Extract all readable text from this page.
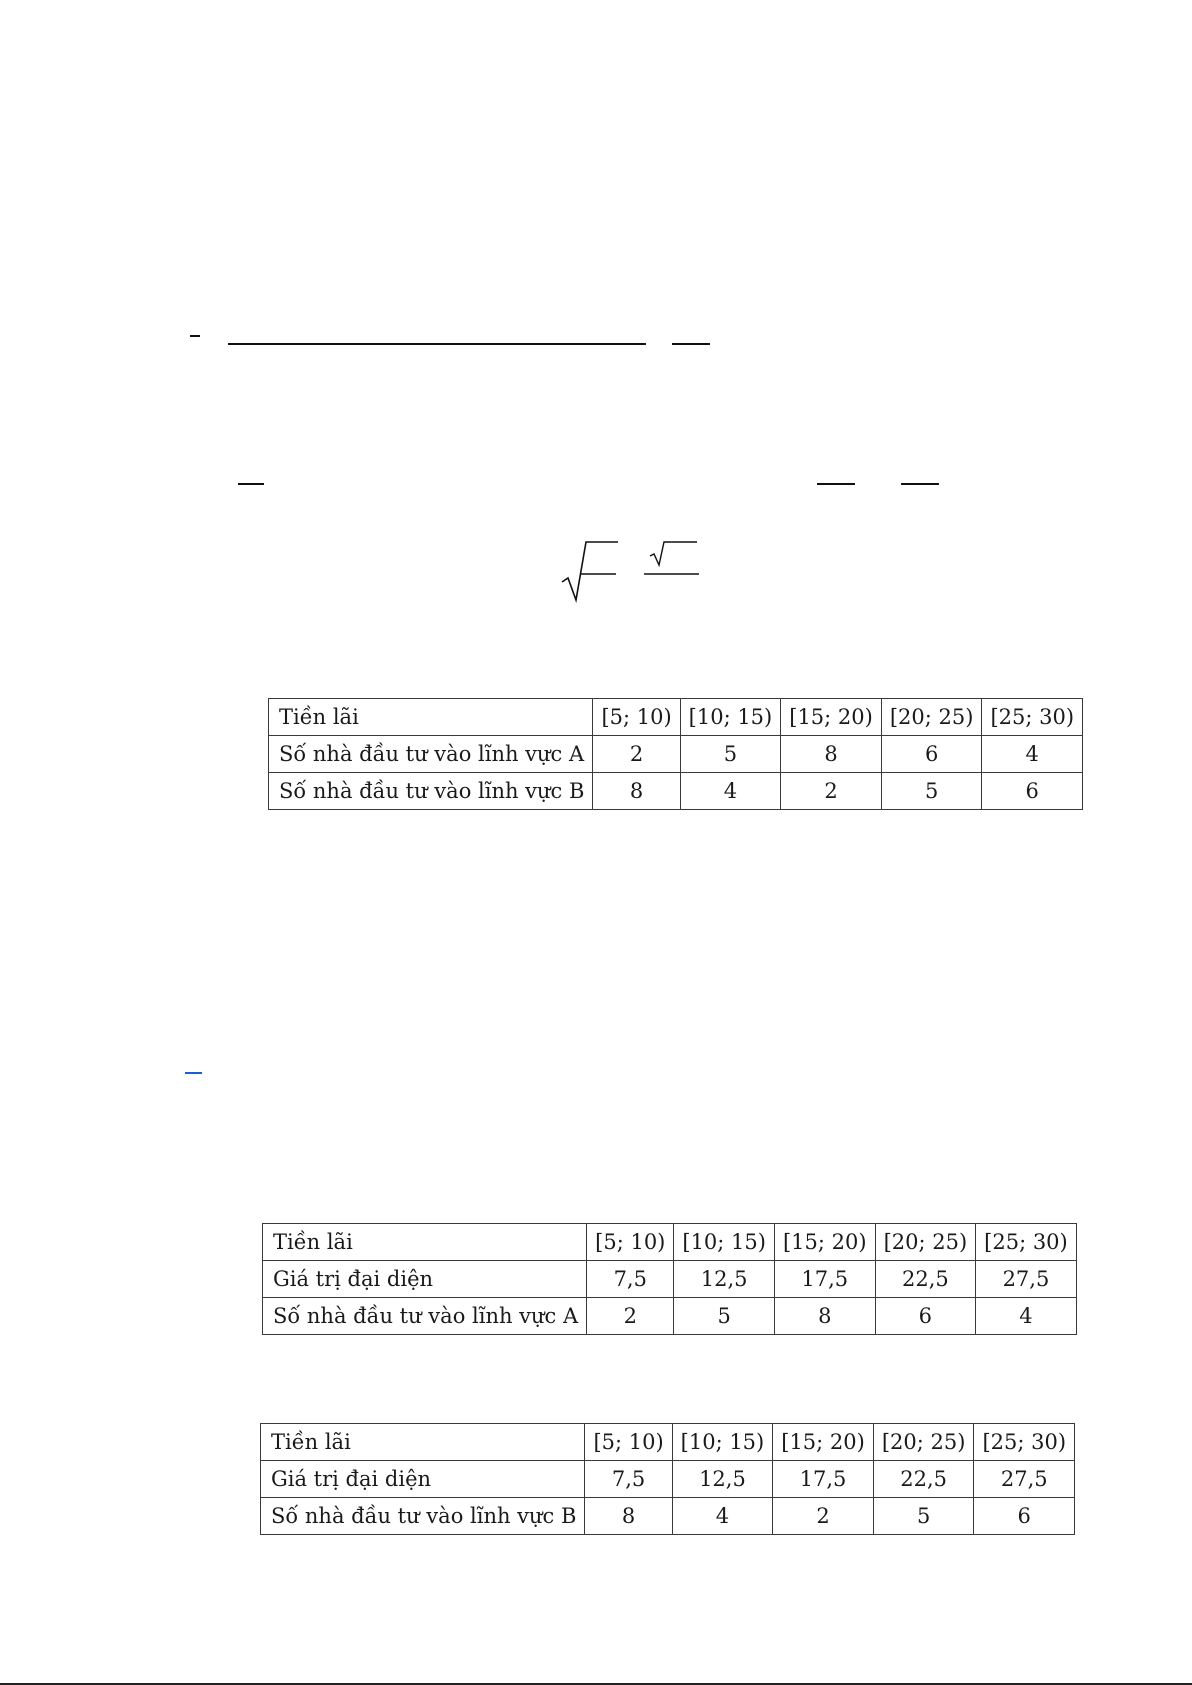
Tiền lãi	[5; 10)	[10; 15)	[15; 20)	[20; 25)	[25; 30)
Số nhà đầu tư vào lĩnh vực A	2	5	8	6	4
Số nhà đầu tư vào lĩnh vực B	8	4	2	5	6
Tiền lãi	[5; 10)	[10; 15)	[15; 20)	[20; 25)	[25; 30)
Giá trị đại diện	7,5	12,5	17,5	22,5	27,5
Số nhà đầu tư vào lĩnh vực A	2	5	8	6	4
Tiền lãi	[5; 10)	[10; 15)	[15; 20)	[20; 25)	[25; 30)
Giá trị đại diện	7,5	12,5	17,5	22,5	27,5
Số nhà đầu tư vào lĩnh vực B	8	4	2	5	6
